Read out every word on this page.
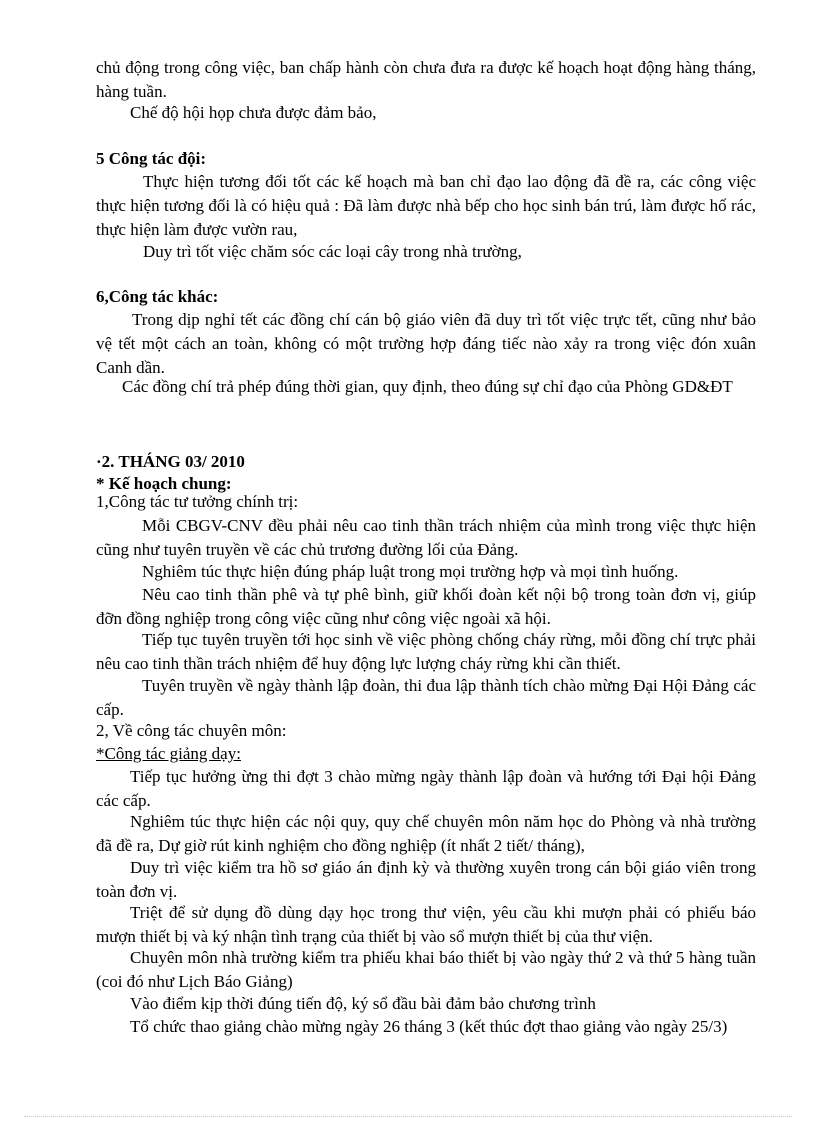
chủ động trong công việc, ban chấp hành còn chưa đưa ra được kế hoạch hoạt động hàng tháng, hàng tuần.
Chế độ hội họp chưa được đảm bảo,
5 Công tác đội:
Thực hiện tương đối tốt các kế hoạch mà ban chỉ đạo lao động đã đề ra, các công việc thực hiện tương đối là có hiệu quả : Đã làm được nhà bếp cho học sinh bán trú, làm được hố rác, thực hiện làm được vườn rau,
Duy trì tốt việc chăm sóc các loại cây trong nhà trường,
6,Công tác khác:
Trong dịp nghỉ tết các đồng chí cán bộ giáo viên đã duy trì tốt việc trực tết, cũng như bảo vệ tết một cách an toàn, không có một trường hợp đáng tiếc nào xảy ra trong việc đón xuân Canh dần.
Các đồng chí trả phép đúng thời gian, quy định, theo đúng sự chỉ đạo của Phòng GD&ĐT
·2. THÁNG 03/ 2010
* Kế hoạch chung:
1,Công tác tư tưởng chính trị:
Mỗi CBGV-CNV đều phải nêu cao tinh thần trách nhiệm của mình trong việc thực hiện cũng như tuyên truyền về các chủ trương đường lối của Đảng.
Nghiêm túc thực hiện đúng pháp luật trong mọi trường hợp và mọi tình huống.
Nêu cao tinh thần phê và tự phê bình, giữ khối đoàn kết nội bộ trong toàn đơn vị, giúp đỡn đồng nghiệp trong công việc cũng như công việc ngoài xã hội.
Tiếp tục tuyên truyền tới học sinh về việc phòng chống cháy rừng, mỗi đồng chí trực phải nêu cao tinh thần trách nhiệm để huy động lực lượng cháy rừng khi cần thiết.
Tuyên truyền về ngày thành lập đoàn, thi đua lập thành tích chào mừng Đại Hội Đảng các cấp.
2, Về công tác chuyên môn:
*Công tác giảng dạy:
Tiếp tục hưởng ừng thi đợt 3 chào mừng ngày thành lập đoàn và hướng tới Đại hội Đảng các cấp.
Nghiêm túc thực hiện các nội quy, quy chế chuyên môn năm học do Phòng và nhà trường đã đề ra, Dự giờ rút kinh nghiệm cho đồng nghiệp (ít nhất 2 tiết/ tháng),
Duy trì việc kiểm tra hồ sơ giáo án định kỳ và thường xuyên trong cán bội giáo viên trong toàn đơn vị.
Triệt để sử dụng đồ dùng dạy học trong thư viện, yêu cầu khi mượn phải có phiếu báo mượn thiết bị và ký nhận tình trạng của thiết bị vào sổ mượn thiết bị của thư viện.
Chuyên môn nhà trường kiểm tra phiếu khai báo thiết bị vào ngày thứ 2 và thứ 5 hàng tuần (coi đó như Lịch Báo Giảng)
Vào điểm kịp thời đúng tiến độ, ký sổ đầu bài đảm bảo chương trình
Tổ chức thao giảng chào mừng ngày 26 tháng 3 (kết thúc đợt thao giảng vào ngày 25/3)
